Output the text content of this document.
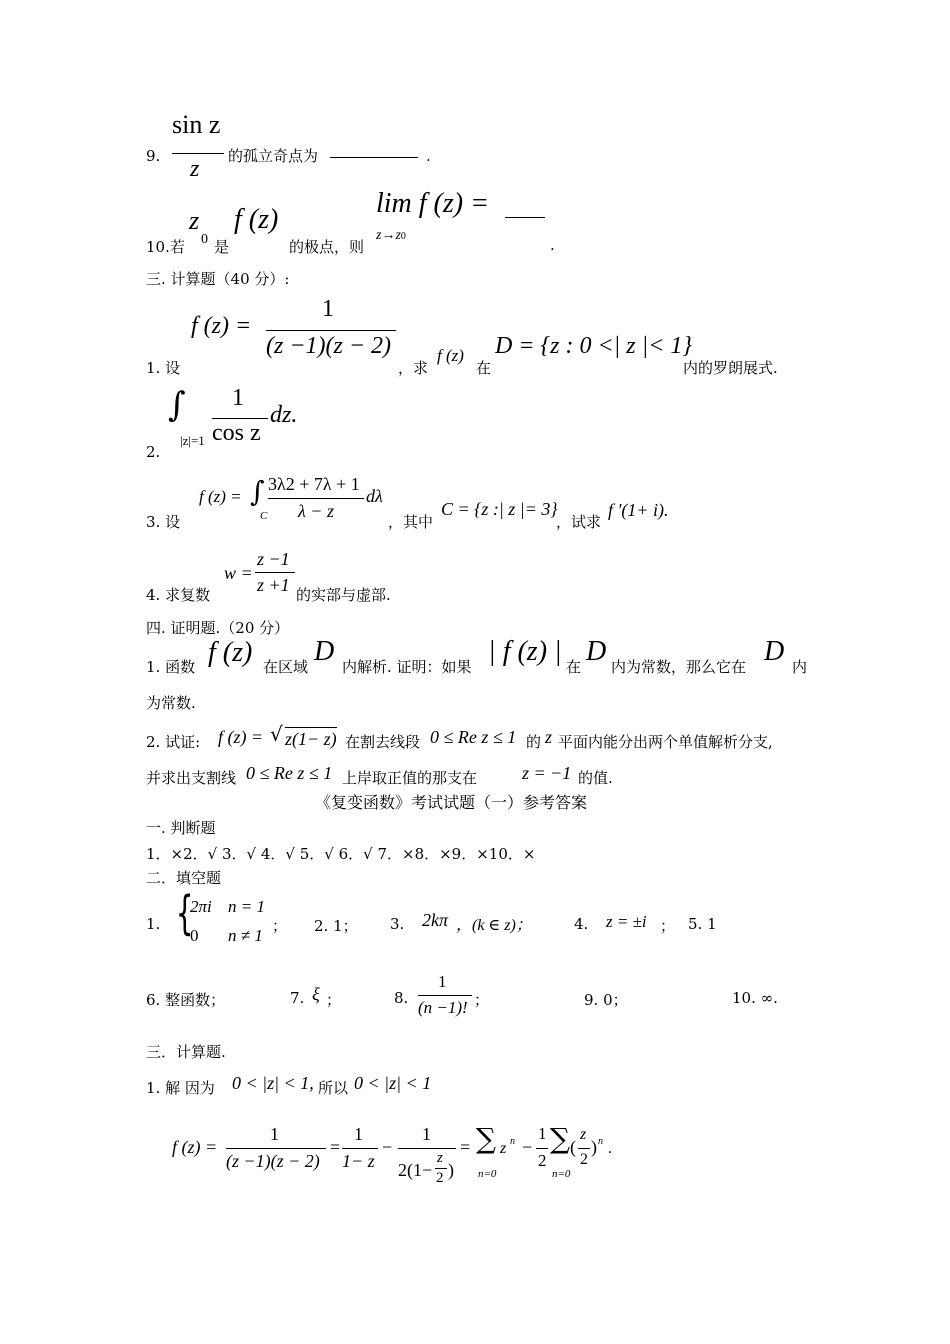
sin z
z
9.	的孤立奇点为	.
10.若
z
0 是
f (z)
的极点，则
lim f (z) =
z→z0	.
三. 计算题（40 分）:
1. 设
f (z) =
1
(z −1)(z − 2)
，求
f (z)
在
D = {z : 0 <| z |< 1}
内的罗朗展式.
2.
∫
|z|=1
1
cos z
dz.
3. 设
f (z) = ∫
C
3λ2 + 7λ + 1
λ − z
dλ
，其中
C = {z :| z |= 3}
，试求
f '(1+ i).
4. 求复数
w =
z −1
z +1 的实部与虚部.
四. 证明题.（20 分）
1. 函数 f (z) 在区域 D 内解析. 证明：如果 | f (z) | 在 D 内为常数，那么它在 D 内
为常数.
2. 试证: f (z) = √ z(1− z) 在割去线段 0 ≤ Re z ≤ 1 的 z 平面内能分出两个单值解析分支,
并求出支割线 0 ≤ Re z ≤ 1 上岸取正值的那支在 z = −1 的值.
《复变函数》考试试题（一）参考答案
一. 判断题
1．×2．√ 3．√ 4．√ 5．√ 6．√ 7．×8．×9．×10．×
二．填空题
1. {
2πi n = 1
0 n ≠ 1 ； 2. 1； 3. 2kπ ，(k ∈ z)；	4. z = ±i ； 5. 1
6. 整函数；	7. ξ ；	8.
1
(n −1)! ；	9. 0；	10. ∞.
三．计算题.
1. 解 因为 0 < |z| < 1, 所以 0 < |z| < 1
f (z) =
1
(z −1)(z − 2)
=
1
1− z
−
1
2(1−
z
2 )
= ∑
n=0
z n −
1
2
∑
n=0
(
z
2
) n .
